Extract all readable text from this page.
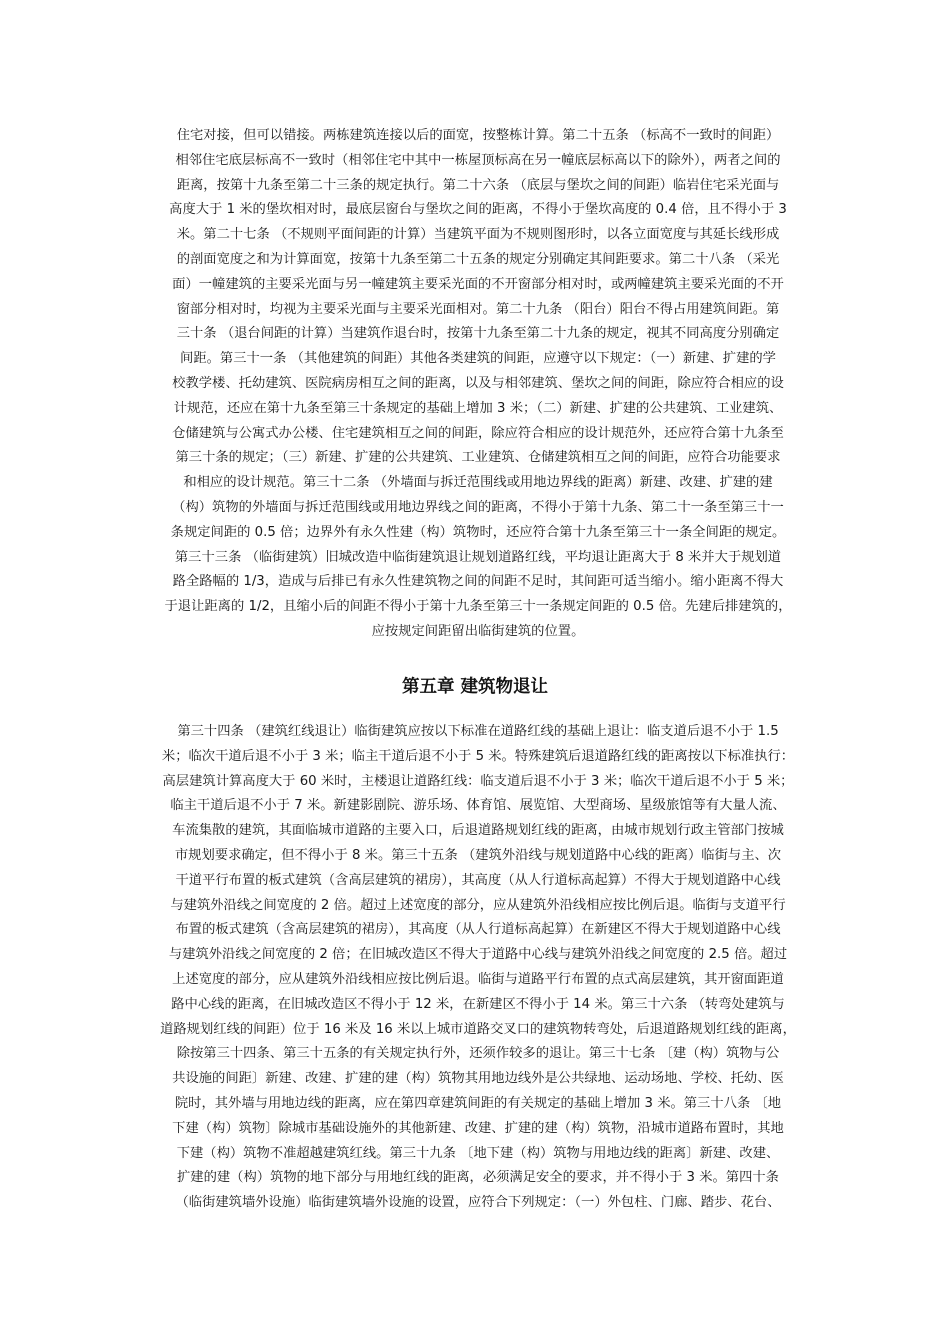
住宅对接，但可以错接。两栋建筑连接以后的面宽，按整栋计算。第二十五条 （标高不一致时的间距）
相邻住宅底层标高不一致时（相邻住宅中其中一栋屋顶标高在另一幢底层标高以下的除外），两者之间的
距离，按第十九条至第二十三条的规定执行。第二十六条 （底层与堡坎之间的间距）临岩住宅采光面与
高度大于 1 米的堡坎相对时，最底层窗台与堡坎之间的距离，不得小于堡坎高度的 0.4 倍，且不得小于 3
米。第二十七条 （不规则平面间距的计算）当建筑平面为不规则图形时，以各立面宽度与其延长线形成
的剖面宽度之和为计算面宽，按第十九条至第二十五条的规定分别确定其间距要求。第二十八条 （采光
面）一幢建筑的主要采光面与另一幢建筑主要采光面的不开窗部分相对时，或两幢建筑主要采光面的不开
窗部分相对时，均视为主要采光面与主要采光面相对。第二十九条 （阳台）阳台不得占用建筑间距。第
三十条 （退台间距的计算）当建筑作退台时，按第十九条至第二十九条的规定，视其不同高度分别确定
间距。第三十一条 （其他建筑的间距）其他各类建筑的间距，应遵守以下规定：（一）新建、扩建的学
校教学楼、托幼建筑、医院病房相互之间的距离，以及与相邻建筑、堡坎之间的间距，除应符合相应的设
计规范，还应在第十九条至第三十条规定的基础上增加 3 米；（二）新建、扩建的公共建筑、工业建筑、
仓储建筑与公寓式办公楼、住宅建筑相互之间的间距，除应符合相应的设计规范外，还应符合第十九条至
第三十条的规定；（三）新建、扩建的公共建筑、工业建筑、仓储建筑相互之间的间距，应符合功能要求
和相应的设计规范。第三十二条 （外墙面与拆迁范围线或用地边界线的距离）新建、改建、扩建的建
（构）筑物的外墙面与拆迁范围线或用地边界线之间的距离，不得小于第十九条、第二十一条至第三十一
条规定间距的 0.5 倍；边界外有永久性建（构）筑物时，还应符合第十九条至第三十一条全间距的规定。
第三十三条 （临街建筑）旧城改造中临街建筑退让规划道路红线，平均退让距离大于 8 米并大于规划道
路全路幅的 1/3，造成与后排已有永久性建筑物之间的间距不足时，其间距可适当缩小。缩小距离不得大
于退让距离的 1/2，且缩小后的间距不得小于第十九条至第三十一条规定间距的 0.5 倍。先建后排建筑的，
应按规定间距留出临街建筑的位置。
第五章 建筑物退让
第三十四条 （建筑红线退让）临街建筑应按以下标准在道路红线的基础上退让：临支道后退不小于 1.5
米；临次干道后退不小于 3 米；临主干道后退不小于 5 米。特殊建筑后退道路红线的距离按以下标准执行：
高层建筑计算高度大于 60 米时，主楼退让道路红线：临支道后退不小于 3 米；临次干道后退不小于 5 米；
临主干道后退不小于 7 米。新建影剧院、游乐场、体育馆、展览馆、大型商场、星级旅馆等有大量人流、
车流集散的建筑，其面临城市道路的主要入口，后退道路规划红线的距离，由城市规划行政主管部门按城
市规划要求确定，但不得小于 8 米。第三十五条 （建筑外沿线与规划道路中心线的距离）临街与主、次
干道平行布置的板式建筑（含高层建筑的裙房），其高度（从人行道标高起算）不得大于规划道路中心线
与建筑外沿线之间宽度的 2 倍。超过上述宽度的部分，应从建筑外沿线相应按比例后退。临街与支道平行
布置的板式建筑（含高层建筑的裙房），其高度（从人行道标高起算）在新建区不得大于规划道路中心线
与建筑外沿线之间宽度的 2 倍；在旧城改造区不得大于道路中心线与建筑外沿线之间宽度的 2.5 倍。超过
上述宽度的部分，应从建筑外沿线相应按比例后退。临街与道路平行布置的点式高层建筑，其开窗面距道
路中心线的距离，在旧城改造区不得小于 12 米，在新建区不得小于 14 米。第三十六条 （转弯处建筑与
道路规划红线的间距）位于 16 米及 16 米以上城市道路交叉口的建筑物转弯处，后退道路规划红线的距离，
除按第三十四条、第三十五条的有关规定执行外，还须作较多的退让。第三十七条 〔建（构）筑物与公
共设施的间距〕新建、改建、扩建的建（构）筑物其用地边线外是公共绿地、运动场地、学校、托幼、医
院时，其外墙与用地边线的距离，应在第四章建筑间距的有关规定的基础上增加 3 米。第三十八条 〔地
下建（构）筑物〕除城市基础设施外的其他新建、改建、扩建的建（构）筑物，沿城市道路布置时，其地
下建（构）筑物不准超越建筑红线。第三十九条 〔地下建（构）筑物与用地边线的距离〕新建、改建、
扩建的建（构）筑物的地下部分与用地红线的距离，必须满足安全的要求，并不得小于 3 米。第四十条
（临街建筑墙外设施）临街建筑墙外设施的设置，应符合下列规定：（一）外包柱、门廊、踏步、花台、
